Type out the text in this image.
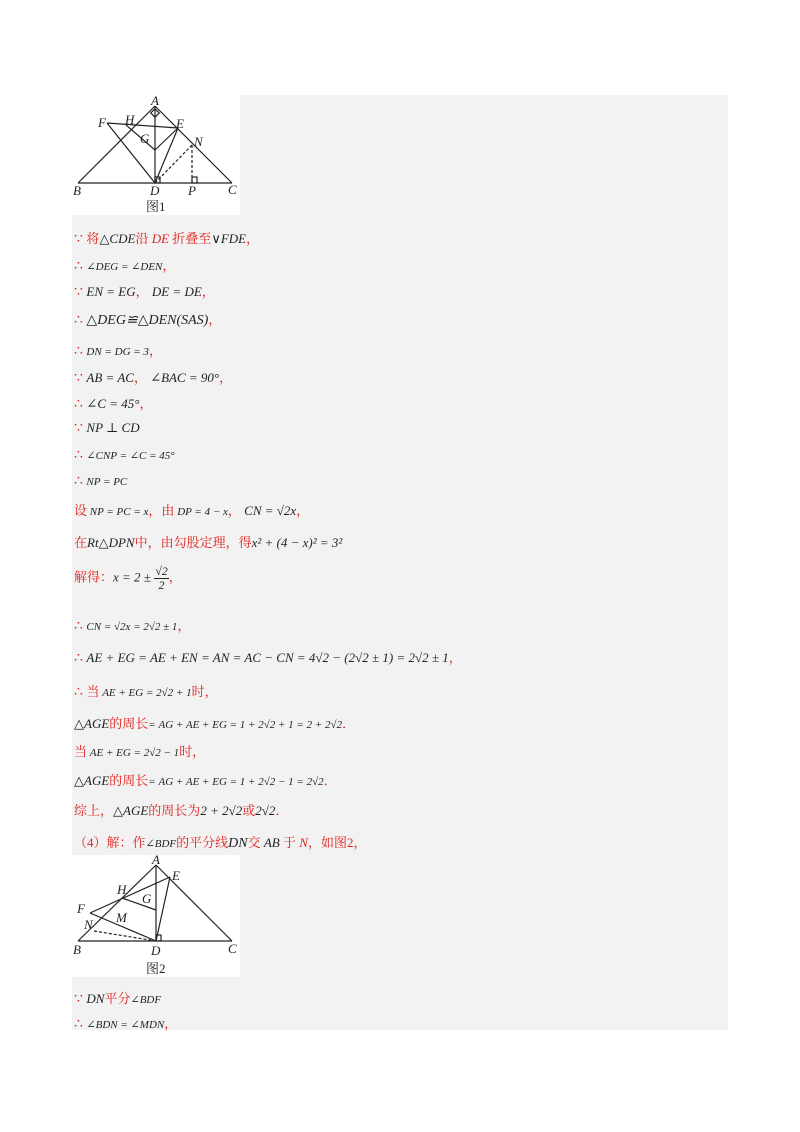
A
B	C
D
E
F
G
H
N
P
图1
A
B	C
D
E
F
G
H
M
N
图2
∵ 将△CDE沿 DE 折叠至∨FDE，
∴ ∠DEG = ∠DEN，
∵ EN = EG， DE = DE，
∴ △DEG≌△DEN(SAS)，
∴ DN = DG = 3，
∵ AB = AC， ∠BAC = 90°，
∴ ∠C = 45°，
∵ NP ⊥ CD
∴ ∠CNP = ∠C = 45°
∴ NP = PC
设 NP = PC = x，由 DP = 4 − x， CN = √2x，
在Rt△DPN中，由勾股定理，得x² + (4 − x)² = 3²
解得：$x = 2 \pm \frac{√2}{2}$ ，
∴ CN = √2x = 2√2 ± 1，
∴ AE + EG = AE + EN = AN = AC − CN = 4√2 − (2√2 ± 1) = 2√2 ± 1，
∴ 当 AE + EG = 2√2 + 1时，
△AGE的周长= AG + AE + EG = 1 + 2√2 + 1 = 2 + 2√2．
当 AE + EG = 2√2 − 1时，
△AGE的周长= AG + AE + EG = 1 + 2√2 − 1 = 2√2．
综上，△AGE的周长为2 + 2√2或2√2．
（4）解：作∠BDF的平分线DN交 AB 于 N，如图2，
∵ DN平分∠BDF
∴ ∠BDN = ∠MDN，
